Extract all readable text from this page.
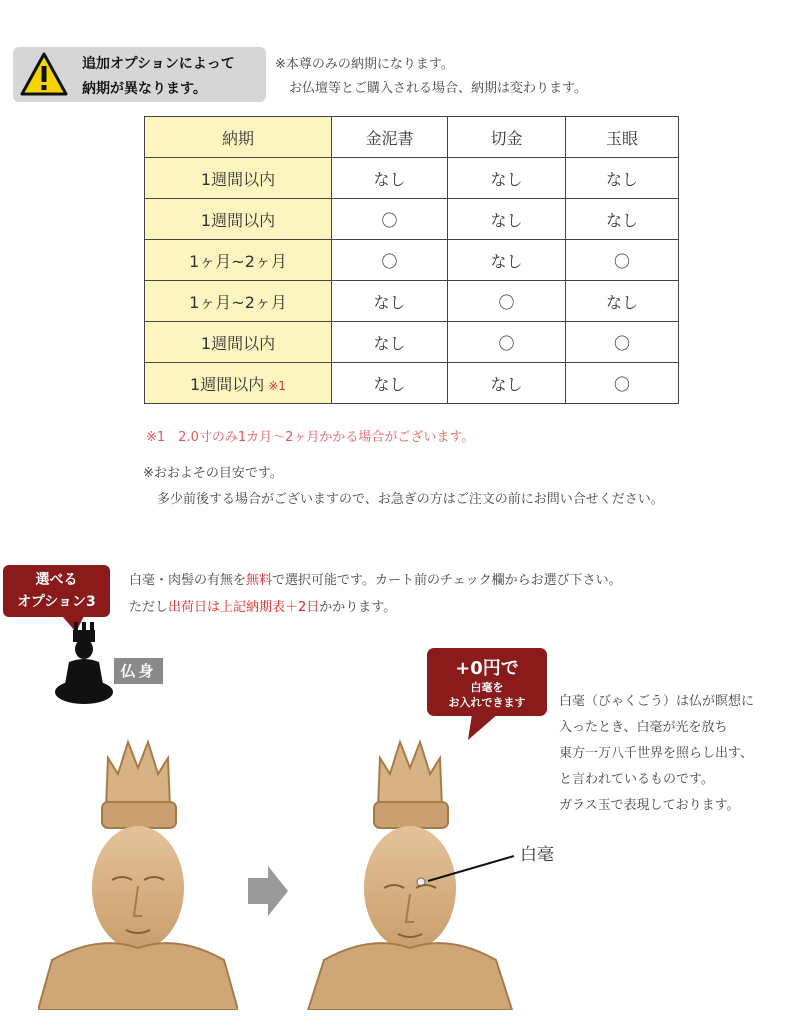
追加オプションによって
納期が異なります。
※本尊のみの納期になります。
お仏壇等とご購入される場合、納期は変わります。
納期	金泥書	切金	玉眼
1週間以内	なし	なし	なし
1週間以内	〇	なし	なし
1ヶ月~2ヶ月	〇	なし	〇
1ヶ月~2ヶ月	なし	〇	なし
1週間以内	なし	〇	〇
1週間以内 ※1	なし	なし	〇
※1　2.0寸のみ1カ月～2ヶ月かかる場合がございます。
※おおよその目安です。
多少前後する場合がございますので、お急ぎの方はご注文の前にお問い合せください。
選べる
オプション3
白毫・肉髻の有無を無料で選択可能です。カート前のチェック欄からお選び下さい。
ただし出荷日は上記納期表＋2日かかります。
仏身	+0円で
白毫を
お入れできます	白毫（びゃくごう）は仏が瞑想に
入ったとき、白毫が光を放ち
東方一万八千世界を照らし出す、
と言われているものです。
ガラス玉で表現しております。
白毫
